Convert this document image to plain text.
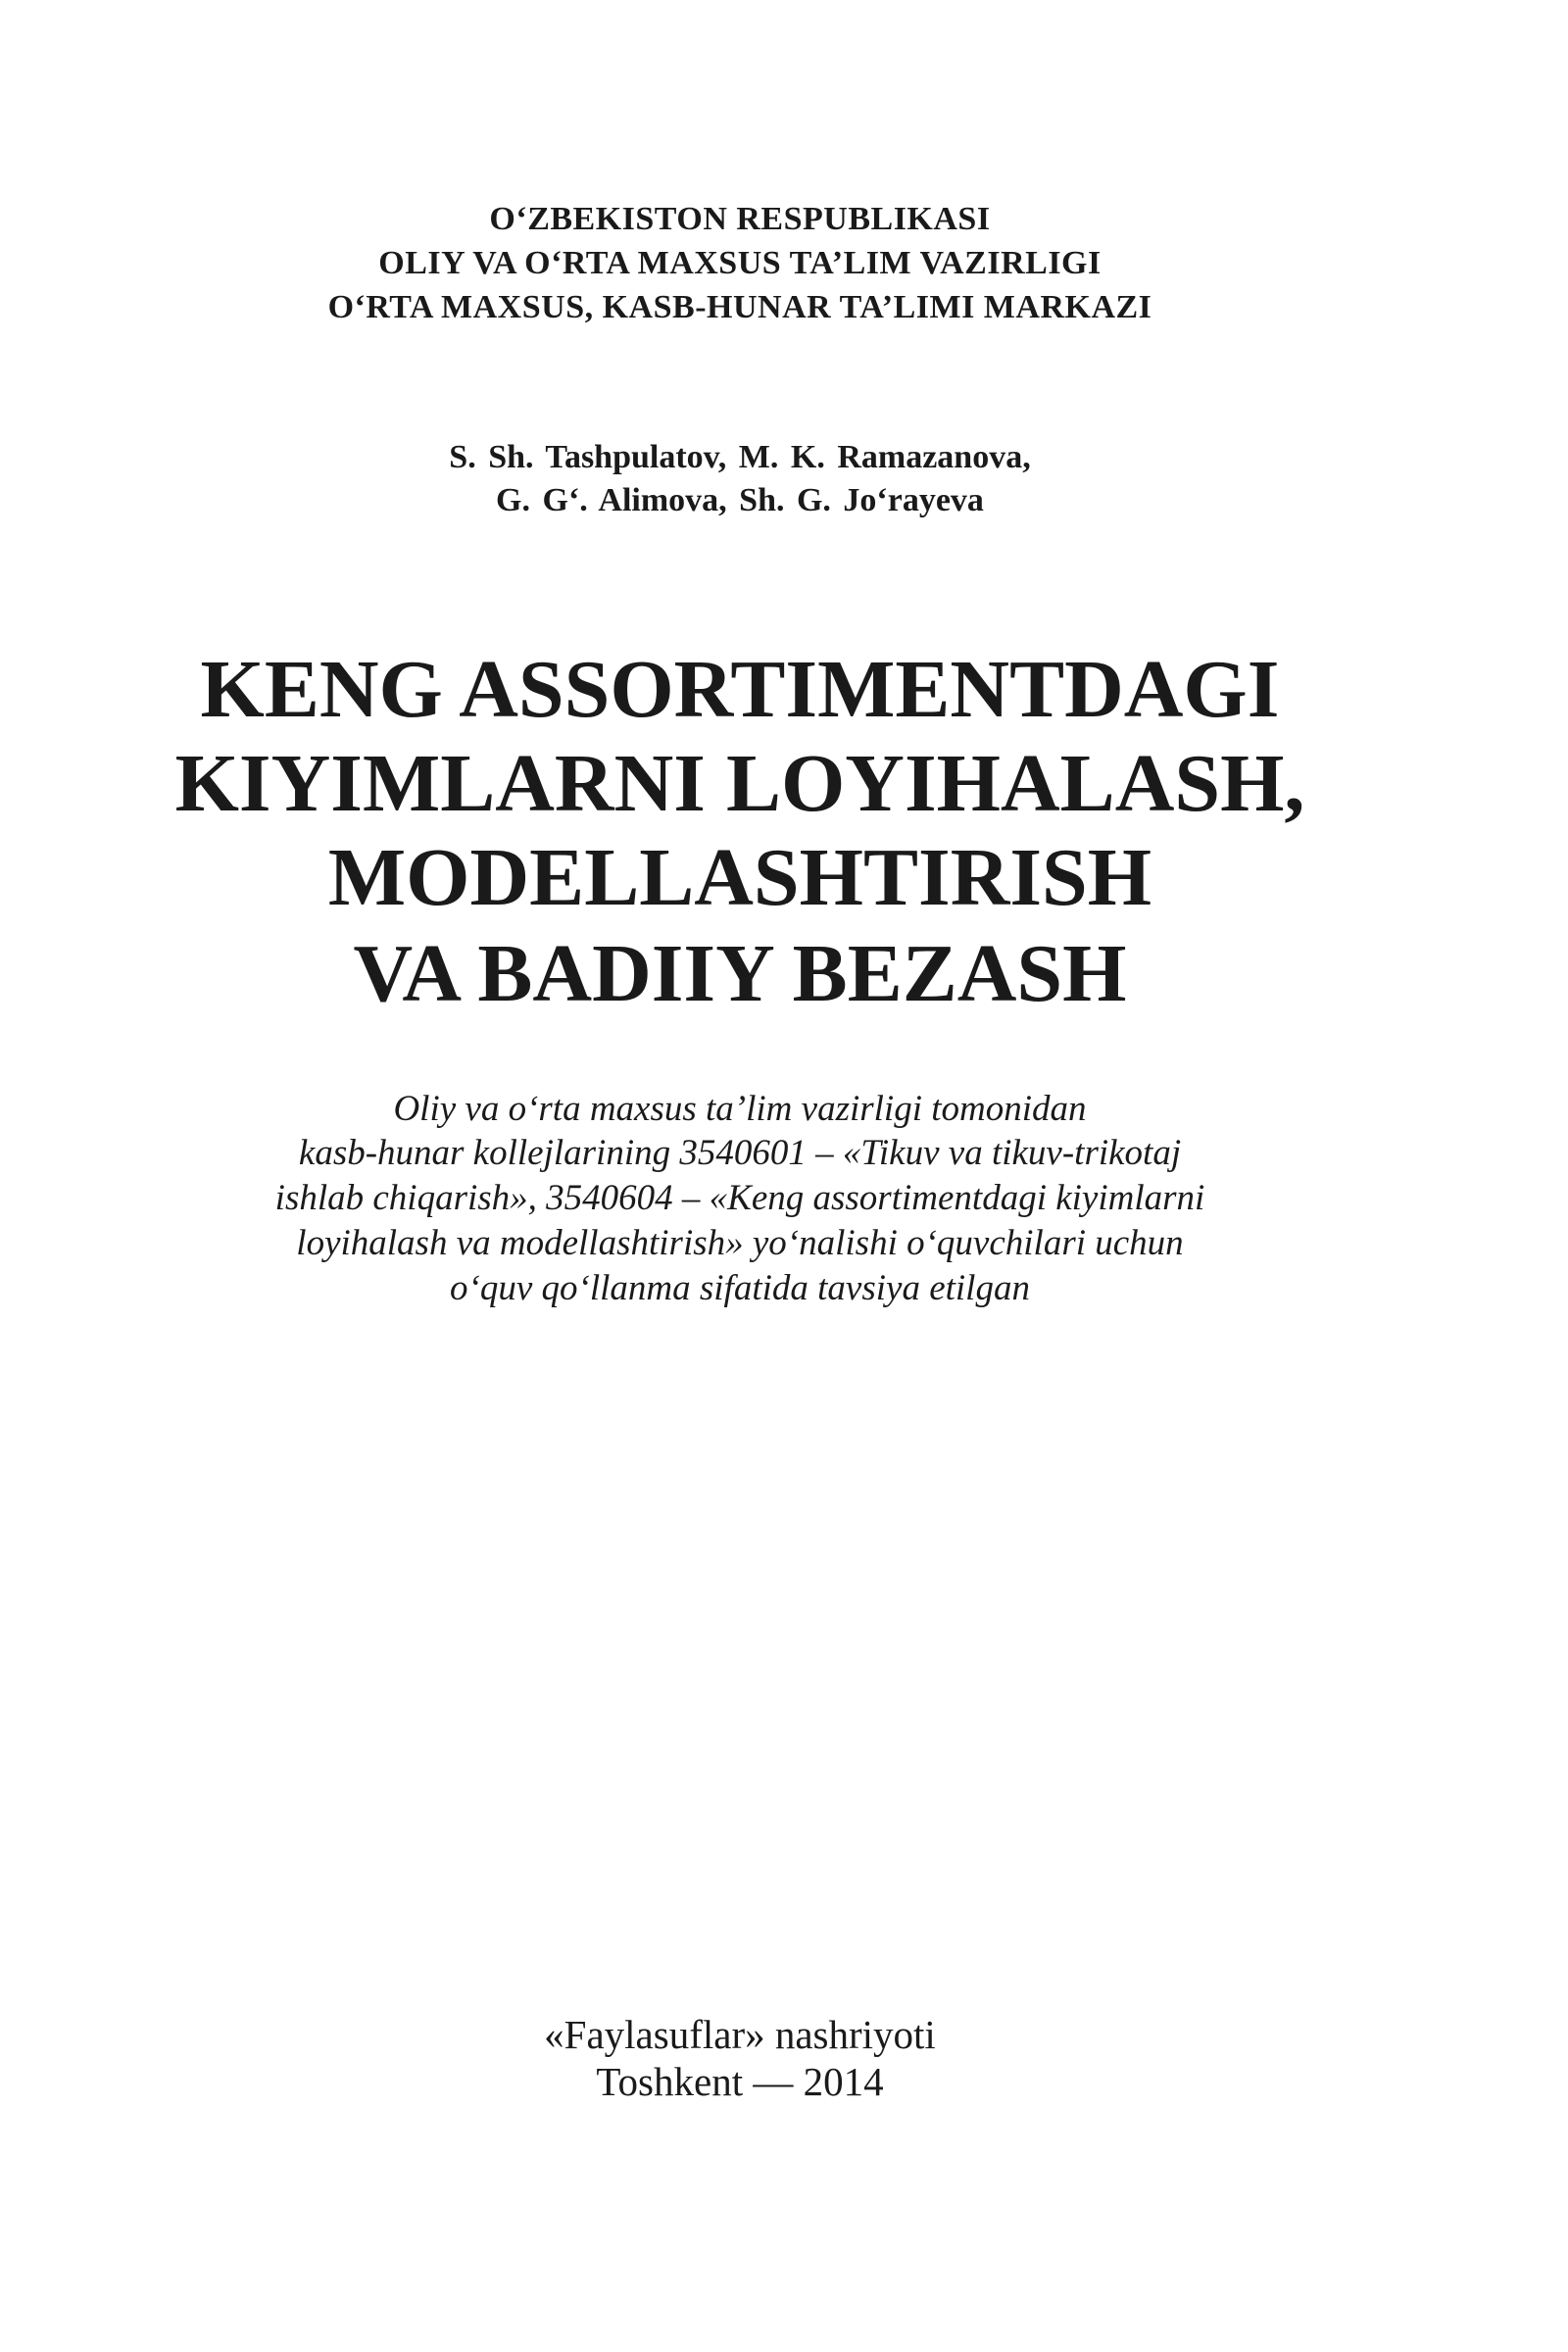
O‘ZBEKISTON RESPUBLIKASI
OLIY VA O‘RTA MAXSUS TA’LIM VAZIRLIGI
O‘RTA MAXSUS, KASB-HUNAR TA’LIMI MARKAZI
S. Sh. Tashpulatov, M. K. Ramazanova,
G. G‘. Alimova, Sh. G. Jo‘rayeva
KENG ASSORTIMENTDAGI
KIYIMLARNI LOYIHALASH,
MODELLASHTIRISH
VA BADIIY BEZASH
Oliy va o‘rta maxsus ta’lim vazirligi tomonidan
kasb-hunar kollejlarining 3540601 – «Tikuv va tikuv-trikotaj
ishlab chiqarish», 3540604 – «Keng assortimentdagi kiyimlarni
loyihalash va modellashtirish» yo‘nalishi o‘quvchilari uchun
o‘quv qo‘llanma sifatida tavsiya etilgan
«Faylasuflar» nashriyoti
Toshkent — 2014
